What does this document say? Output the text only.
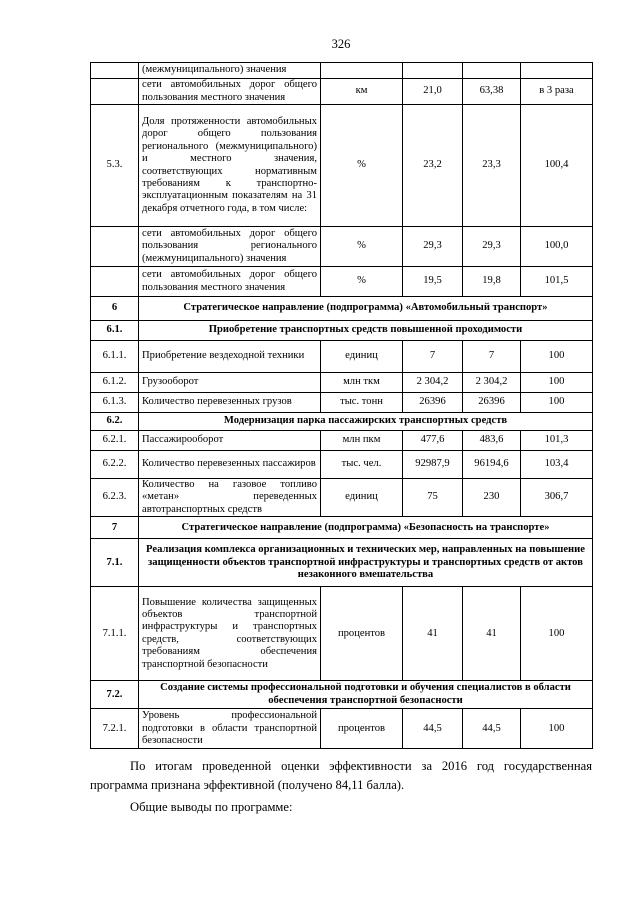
326
	(межмуниципального) значения				
	сети автомобильных дорог общего пользования местного значения	км	21,0	63,38	в 3 раза
5.3.	Доля протяженности автомобильных дорог общего пользования регионального (межмуниципального) и местного значения, соответствующих нормативным требованиям к транспортно-эксплуатационным показателям на 31 декабря отчетного года, в том числе:	%	23,2	23,3	100,4
	сети автомобильных дорог общего пользования регионального (межмуниципального) значения	%	29,3	29,3	100,0
	сети автомобильных дорог общего пользования местного значения	%	19,5	19,8	101,5
6	Стратегическое направление (подпрограмма) «Автомобильный транспорт»				
6.1.	Приобретение транспортных средств повышенной проходимости				
6.1.1.	Приобретение вездеходной техники	единиц	7	7	100
6.1.2.	Грузооборот	млн ткм	2 304,2	2 304,2	100
6.1.3.	Количество перевезенных грузов	тыс. тонн	26396	26396	100
6.2.	Модернизация парка пассажирских транспортных средств				
6.2.1.	Пассажирооборот	млн пкм	477,6	483,6	101,3
6.2.2.	Количество перевезенных пассажиров	тыс. чел.	92987,9	96194,6	103,4
6.2.3.	Количество на газовое топливо «метан» переведенных автотранспортных средств	единиц	75	230	306,7
7	Стратегическое направление (подпрограмма) «Безопасность на транспорте»				
7.1.	Реализация комплекса организационных и технических мер, направленных на повышение защищенности объектов транспортной инфраструктуры и транспортных средств от актов незаконного вмешательства				
7.1.1.	Повышение количества защищенных объектов транспортной инфраструктуры и транспортных средств, соответствующих требованиям обеспечения транспортной безопасности	процентов	41	41	100
7.2.	Создание системы профессиональной подготовки и обучения специалистов в области обеспечения транспортной безопасности				
7.2.1.	Уровень профессиональной подготовки в области транспортной безопасности	процентов	44,5	44,5	100

По итогам проведенной оценки эффективности за 2016 год государственная программа признана эффективной (получено 84,11 балла).

Общие выводы по программе:
